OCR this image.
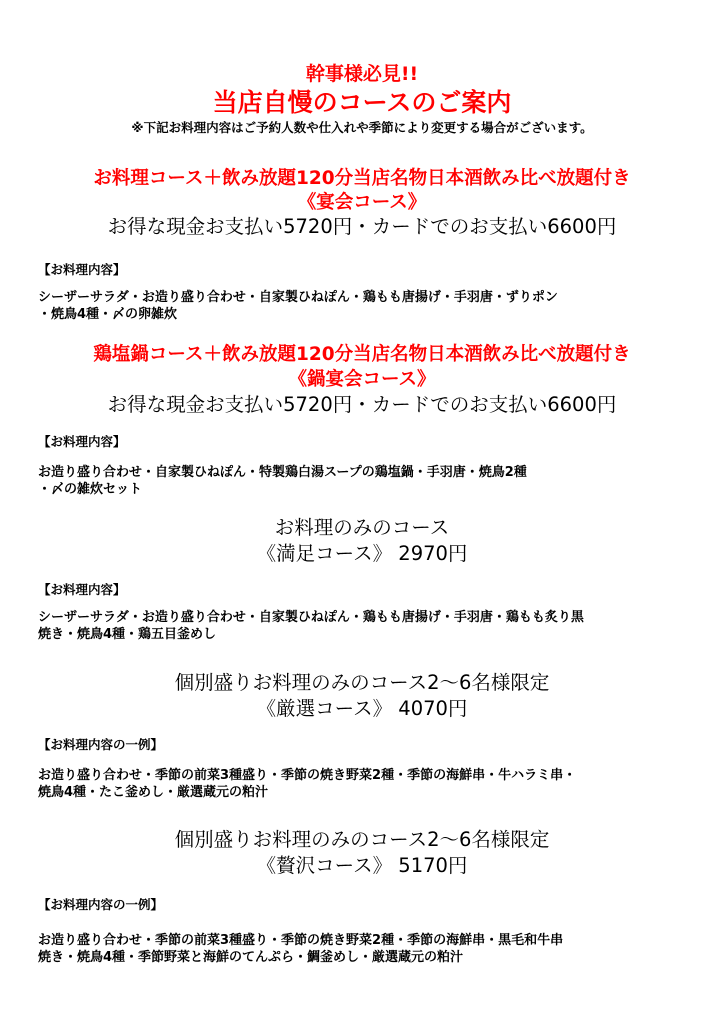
幹事様必見!!
当店自慢のコースのご案内
※下記お料理内容はご予約人数や仕入れや季節により変更する場合がございます。
お料理コース＋飲み放題120分当店名物日本酒飲み比べ放題付き
《宴会コース》
お得な現金お支払い5720円・カードでのお支払い6600円
【お料理内容】
シーザーサラダ・お造り盛り合わせ・自家製ひねぽん・鶏もも唐揚げ・手羽唐・ずりポン
・焼鳥4種・〆の卵雑炊
鶏塩鍋コース＋飲み放題120分当店名物日本酒飲み比べ放題付き
《鍋宴会コース》
お得な現金お支払い5720円・カードでのお支払い6600円
【お料理内容】
お造り盛り合わせ・自家製ひねぽん・特製鶏白湯スープの鶏塩鍋・手羽唐・焼鳥2種
・〆の雑炊セット
お料理のみのコース
《満足コース》 2970円
【お料理内容】
シーザーサラダ・お造り盛り合わせ・自家製ひねぽん・鶏もも唐揚げ・手羽唐・鶏もも炙り黒
焼き・焼鳥4種・鶏五目釜めし
個別盛りお料理のみのコース2～6名様限定
《厳選コース》 4070円
【お料理内容の一例】
お造り盛り合わせ・季節の前菜3種盛り・季節の焼き野菜2種・季節の海鮮串・牛ハラミ串・
焼鳥4種・たこ釜めし・厳選蔵元の粕汁
個別盛りお料理のみのコース2～6名様限定
《贅沢コース》 5170円
【お料理内容の一例】
お造り盛り合わせ・季節の前菜3種盛り・季節の焼き野菜2種・季節の海鮮串・黒毛和牛串
焼き・焼鳥4種・季節野菜と海鮮のてんぷら・鯛釜めし・厳選蔵元の粕汁
